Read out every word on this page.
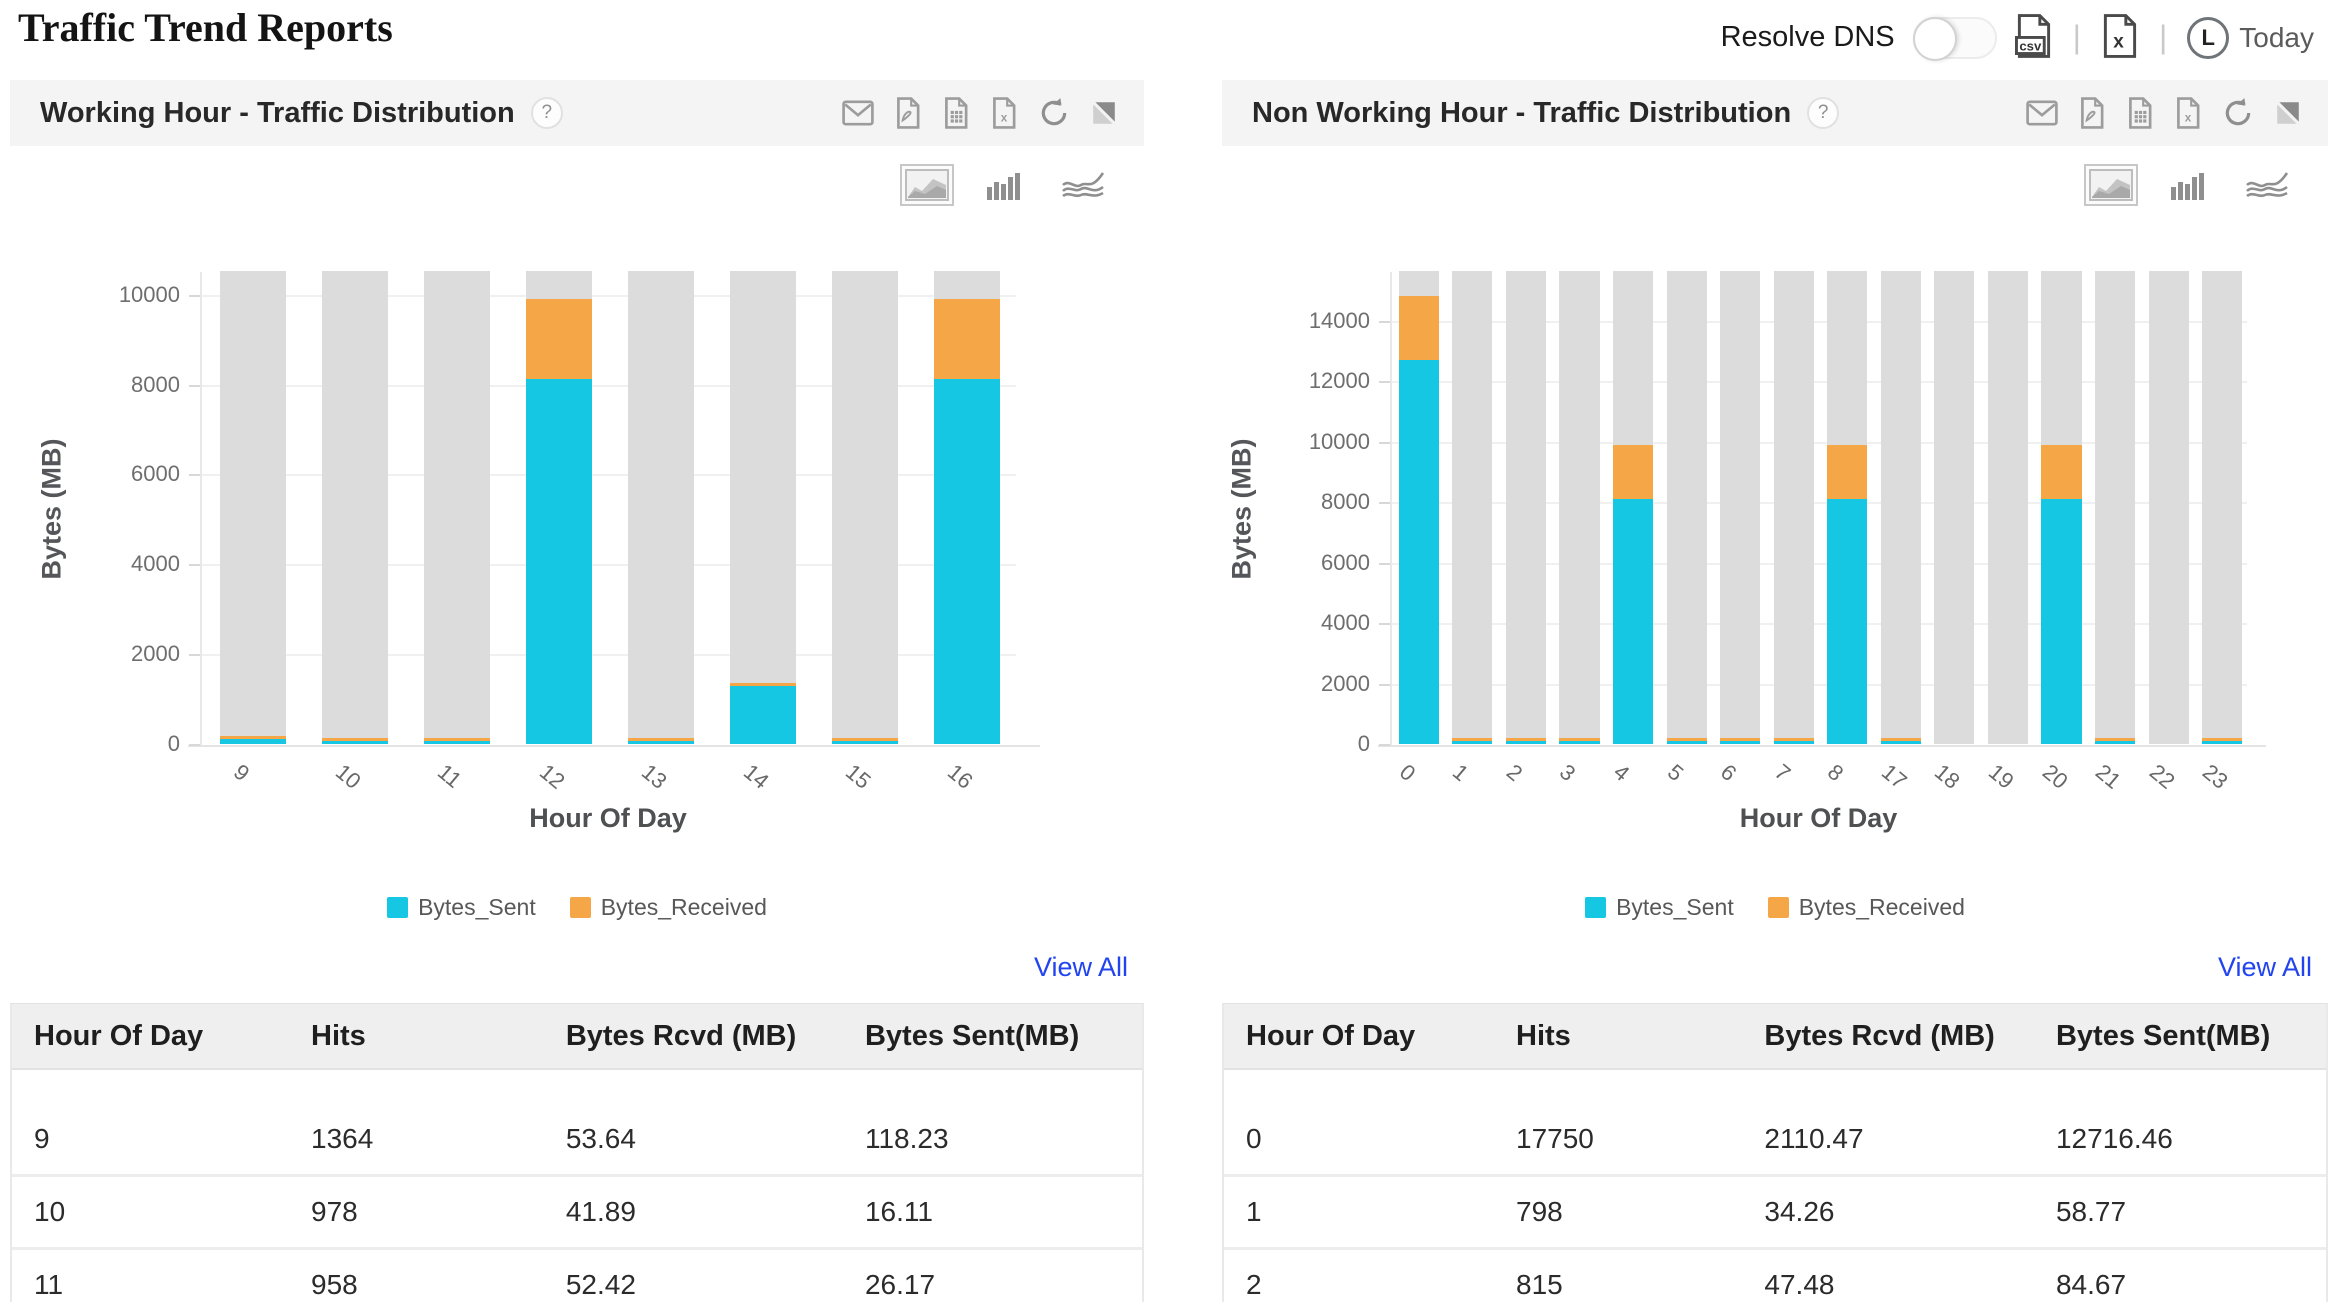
Traffic Trend Reports	Resolve DNS	csv | x |	L Today
Working Hour - Traffic Distribution	?	x
Bytes (MB)
Hour Of Day
0
2000
4000
6000
8000
10000
9	10	11	12	13	14	15	16
Bytes_Sent	Bytes_Received
View All
Hour Of Day	Hits	Bytes Rcvd (MB)	Bytes Sent(MB)
9	1364	53.64	118.23
10	978	41.89	16.11
11	958	52.42	26.17
Non Working Hour - Traffic Distribution	?	x
Bytes (MB)
Hour Of Day
0
2000
4000
6000
8000
10000
12000
14000
0 1 2 3 4 5 6 7 8 17 18 19 20 21 22 23
Bytes_Sent	Bytes_Received
View All
Hour Of Day	Hits	Bytes Rcvd (MB)	Bytes Sent(MB)
0	17750	2110.47	12716.46
1	798	34.26	58.77
2	815	47.48	84.67
